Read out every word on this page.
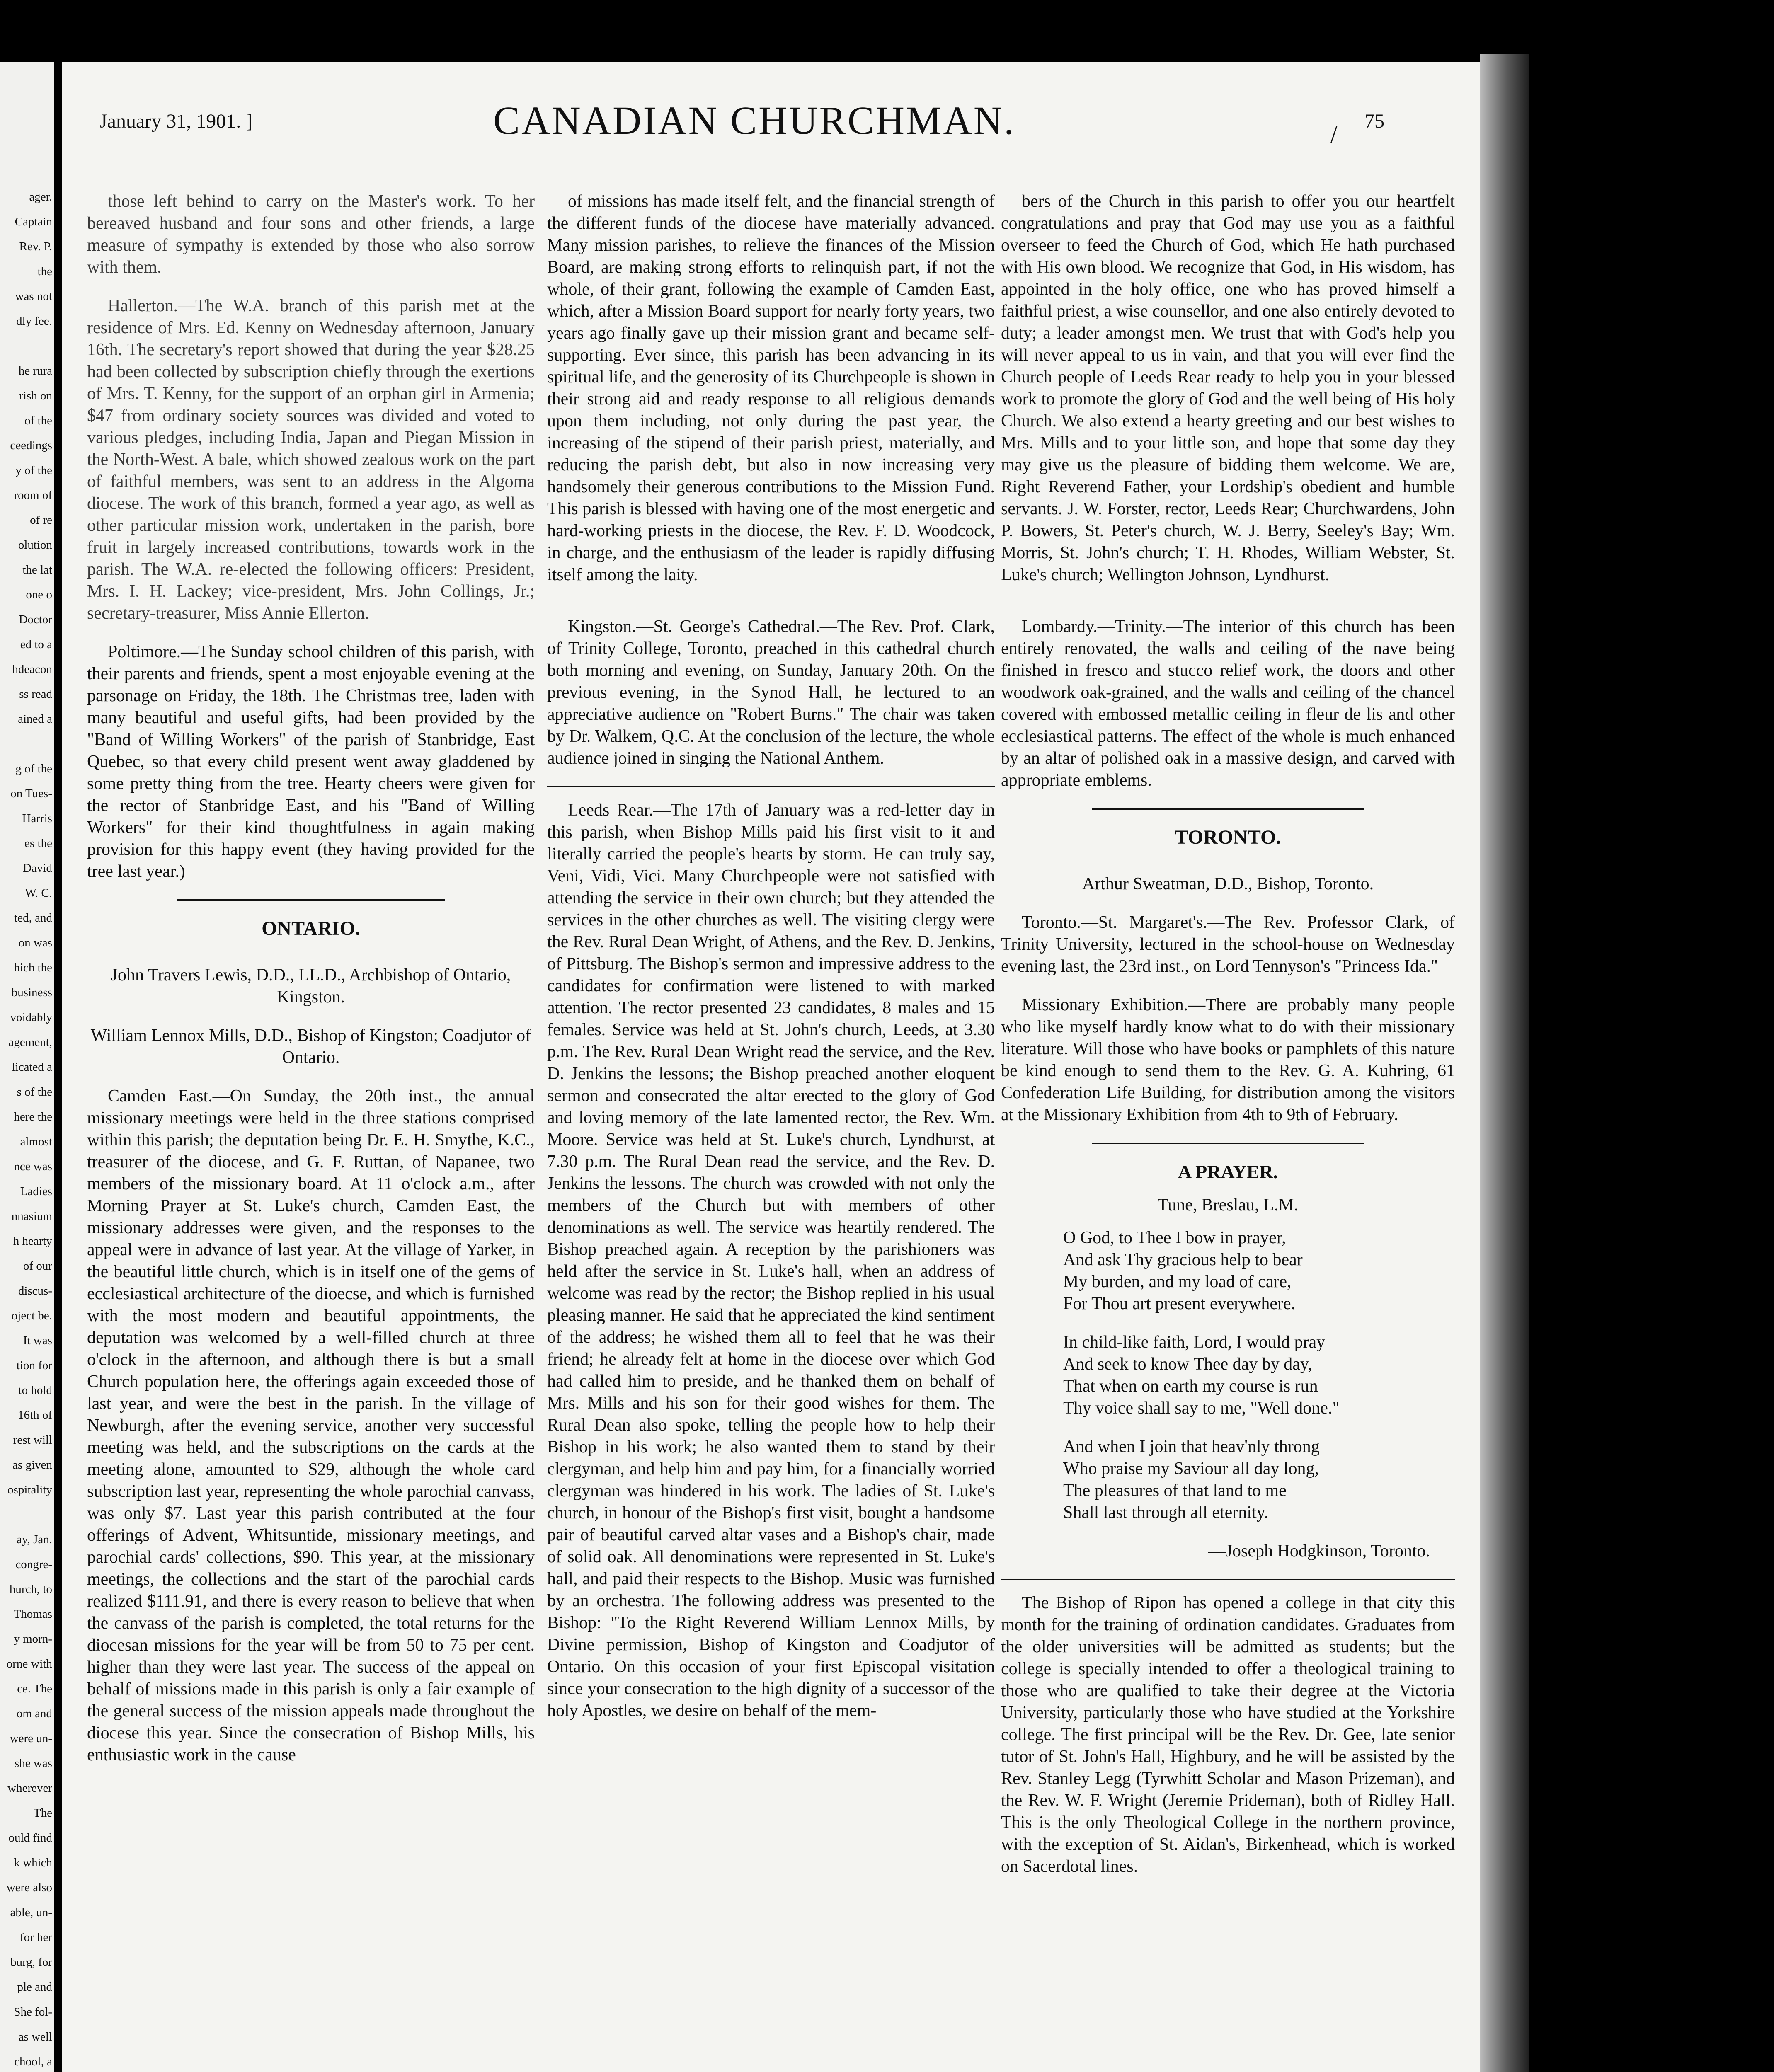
ager.
Captain
Rev. P.
the
was not
dly fee.
he rura
rish on
of the
ceedings
y of the
room of
of re
olution
the lat
one o
Doctor
ed to a
hdeacon
ss read
ained a
g of the
on Tues-
Harris
es the
David
W. C.
ted, and
on was
hich the
business
voidably
agement,
licated a
s of the
here the
almost
nce was
Ladies
nnasium
h hearty
of our
discus-
oject be.
It was
tion for
to hold
16th of
rest will
as given
ospitality
ay, Jan.
congre-
hurch, to
Thomas
y morn-
orne with
ce. The
om and
were un-
she was
wherever
The
ould find
k which
were also
able, un-
for her
burg, for
ple and
She fol-
as well
chool, a
January 31, 1901. ]	CANADIAN CHURCHMAN.	75
/

those left behind to carry on the Master's work. To her bereaved husband and four sons and other friends, a large measure of sympathy is extended by those who also sorrow with them.

Hallerton.—The W.A. branch of this parish met at the residence of Mrs. Ed. Kenny on Wednesday afternoon, January 16th. The secretary's report showed that during the year $28.25 had been collected by subscription chiefly through the exertions of Mrs. T. Kenny, for the support of an orphan girl in Armenia; $47 from ordinary society sources was divided and voted to various pledges, including India, Japan and Piegan Mission in the North-West. A bale, which showed zealous work on the part of faithful members, was sent to an address in the Algoma diocese. The work of this branch, formed a year ago, as well as other particular mission work, undertaken in the parish, bore fruit in largely increased contributions, towards work in the parish. The W.A. re-elected the following officers: President, Mrs. I. H. Lackey; vice-president, Mrs. John Collings, Jr.; secretary-treasurer, Miss Annie Ellerton.

Poltimore.—The Sunday school children of this parish, with their parents and friends, spent a most enjoyable evening at the parsonage on Friday, the 18th. The Christmas tree, laden with many beautiful and useful gifts, had been provided by the "Band of Willing Workers" of the parish of Stanbridge, East Quebec, so that every child present went away gladdened by some pretty thing from the tree. Hearty cheers were given for the rector of Stanbridge East, and his "Band of Willing Workers" for their kind thoughtfulness in again making provision for this happy event (they having provided for the tree last year.)

ONTARIO.

John Travers Lewis, D.D., LL.D., Archbishop of Ontario, Kingston.

William Lennox Mills, D.D., Bishop of Kingston; Coadjutor of Ontario.

Camden East.—On Sunday, the 20th inst., the annual missionary meetings were held in the three stations comprised within this parish; the deputation being Dr. E. H. Smythe, K.C., treasurer of the diocese, and G. F. Ruttan, of Napanee, two members of the missionary board. At 11 o'clock a.m., after Morning Prayer at St. Luke's church, Camden East, the missionary addresses were given, and the responses to the appeal were in advance of last year. At the village of Yarker, in the beautiful little church, which is in itself one of the gems of ecclesiastical architecture of the dioecse, and which is furnished with the most modern and beautiful appointments, the deputation was welcomed by a well-filled church at three o'clock in the afternoon, and although there is but a small Church population here, the offerings again exceeded those of last year, and were the best in the parish. In the village of Newburgh, after the evening service, another very successful meeting was held, and the subscriptions on the cards at the meeting alone, amounted to $29, although the whole card subscription last year, representing the whole parochial canvass, was only $7. Last year this parish contributed at the four offerings of Advent, Whitsuntide, missionary meetings, and parochial cards' collections, $90. This year, at the missionary meetings, the collections and the start of the parochial cards realized $111.91, and there is every reason to believe that when the canvass of the parish is completed, the total returns for the diocesan missions for the year will be from 50 to 75 per cent. higher than they were last year. The success of the appeal on behalf of missions made in this parish is only a fair example of the general success of the mission appeals made throughout the diocese this year. Since the consecration of Bishop Mills, his enthusiastic work in the cause

of missions has made itself felt, and the financial strength of the different funds of the diocese have materially advanced. Many mission parishes, to relieve the finances of the Mission Board, are making strong efforts to relinquish part, if not the whole, of their grant, following the example of Camden East, which, after a Mission Board support for nearly forty years, two years ago finally gave up their mission grant and became self-supporting. Ever since, this parish has been advancing in its spiritual life, and the generosity of its Churchpeople is shown in their strong aid and ready response to all religious demands upon them including, not only during the past year, the increasing of the stipend of their parish priest, materially, and reducing the parish debt, but also in now increasing very handsomely their generous contributions to the Mission Fund. This parish is blessed with having one of the most energetic and hard-working priests in the diocese, the Rev. F. D. Woodcock, in charge, and the enthusiasm of the leader is rapidly diffusing itself among the laity.

Kingston.—St. George's Cathedral.—The Rev. Prof. Clark, of Trinity College, Toronto, preached in this cathedral church both morning and evening, on Sunday, January 20th. On the previous evening, in the Synod Hall, he lectured to an appreciative audience on "Robert Burns." The chair was taken by Dr. Walkem, Q.C. At the conclusion of the lecture, the whole audience joined in singing the National Anthem.

Leeds Rear.—The 17th of January was a red-letter day in this parish, when Bishop Mills paid his first visit to it and literally carried the people's hearts by storm. He can truly say, Veni, Vidi, Vici. Many Churchpeople were not satisfied with attending the service in their own church; but they attended the services in the other churches as well. The visiting clergy were the Rev. Rural Dean Wright, of Athens, and the Rev. D. Jenkins, of Pittsburg. The Bishop's sermon and impressive address to the candidates for confirmation were listened to with marked attention. The rector presented 23 candidates, 8 males and 15 females. Service was held at St. John's church, Leeds, at 3.30 p.m. The Rev. Rural Dean Wright read the service, and the Rev. D. Jenkins the lessons; the Bishop preached another eloquent sermon and consecrated the altar erected to the glory of God and loving memory of the late lamented rector, the Rev. Wm. Moore. Service was held at St. Luke's church, Lyndhurst, at 7.30 p.m. The Rural Dean read the service, and the Rev. D. Jenkins the lessons. The church was crowded with not only the members of the Church but with members of other denominations as well. The service was heartily rendered. The Bishop preached again. A reception by the parishioners was held after the service in St. Luke's hall, when an address of welcome was read by the rector; the Bishop replied in his usual pleasing manner. He said that he appreciated the kind sentiment of the address; he wished them all to feel that he was their friend; he already felt at home in the diocese over which God had called him to preside, and he thanked them on behalf of Mrs. Mills and his son for their good wishes for them. The Rural Dean also spoke, telling the people how to help their Bishop in his work; he also wanted them to stand by their clergyman, and help him and pay him, for a financially worried clergyman was hindered in his work. The ladies of St. Luke's church, in honour of the Bishop's first visit, bought a handsome pair of beautiful carved altar vases and a Bishop's chair, made of solid oak. All denominations were represented in St. Luke's hall, and paid their respects to the Bishop. Music was furnished by an orchestra. The following address was presented to the Bishop: "To the Right Reverend William Lennox Mills, by Divine permission, Bishop of Kingston and Coadjutor of Ontario. On this occasion of your first Episcopal visitation since your consecration to the high dignity of a successor of the holy Apostles, we desire on behalf of the mem-

bers of the Church in this parish to offer you our heartfelt congratulations and pray that God may use you as a faithful overseer to feed the Church of God, which He hath purchased with His own blood. We recognize that God, in His wisdom, has appointed in the holy office, one who has proved himself a faithful priest, a wise counsellor, and one also entirely devoted to duty; a leader amongst men. We trust that with God's help you will never appeal to us in vain, and that you will ever find the Church people of Leeds Rear ready to help you in your blessed work to promote the glory of God and the well being of His holy Church. We also extend a hearty greeting and our best wishes to Mrs. Mills and to your little son, and hope that some day they may give us the pleasure of bidding them welcome. We are, Right Reverend Father, your Lordship's obedient and humble servants. J. W. Forster, rector, Leeds Rear; Churchwardens, John P. Bowers, St. Peter's church, W. J. Berry, Seeley's Bay; Wm. Morris, St. John's church; T. H. Rhodes, William Webster, St. Luke's church; Wellington Johnson, Lyndhurst.

Lombardy.—Trinity.—The interior of this church has been entirely renovated, the walls and ceiling of the nave being finished in fresco and stucco relief work, the doors and other woodwork oak-grained, and the walls and ceiling of the chancel covered with embossed metallic ceiling in fleur de lis and other ecclesiastical patterns. The effect of the whole is much enhanced by an altar of polished oak in a massive design, and carved with appropriate emblems.

TORONTO.

Arthur Sweatman, D.D., Bishop, Toronto.

Toronto.—St. Margaret's.—The Rev. Professor Clark, of Trinity University, lectured in the school-house on Wednesday evening last, the 23rd inst., on Lord Tennyson's "Princess Ida."

Missionary Exhibition.—There are probably many people who like myself hardly know what to do with their missionary literature. Will those who have books or pamphlets of this nature be kind enough to send them to the Rev. G. A. Kuhring, 61 Confederation Life Building, for distribution among the visitors at the Missionary Exhibition from 4th to 9th of February.

A PRAYER.
Tune, Breslau, L.M.
O God, to Thee I bow in prayer,
And ask Thy gracious help to bear
My burden, and my load of care,
For Thou art present everywhere.
In child-like faith, Lord, I would pray
And seek to know Thee day by day,
That when on earth my course is run
Thy voice shall say to me, "Well done."
And when I join that heav'nly throng
Who praise my Saviour all day long,
The pleasures of that land to me
Shall last through all eternity.
—Joseph Hodgkinson, Toronto.

The Bishop of Ripon has opened a college in that city this month for the training of ordination candidates. Graduates from the older universities will be admitted as students; but the college is specially intended to offer a theological training to those who are qualified to take their degree at the Victoria University, particularly those who have studied at the Yorkshire college. The first principal will be the Rev. Dr. Gee, late senior tutor of St. John's Hall, Highbury, and he will be assisted by the Rev. Stanley Legg (Tyrwhitt Scholar and Mason Prizeman), and the Rev. W. F. Wright (Jeremie Prideman), both of Ridley Hall. This is the only Theological College in the northern province, with the exception of St. Aidan's, Birkenhead, which is worked on Sacerdotal lines.
